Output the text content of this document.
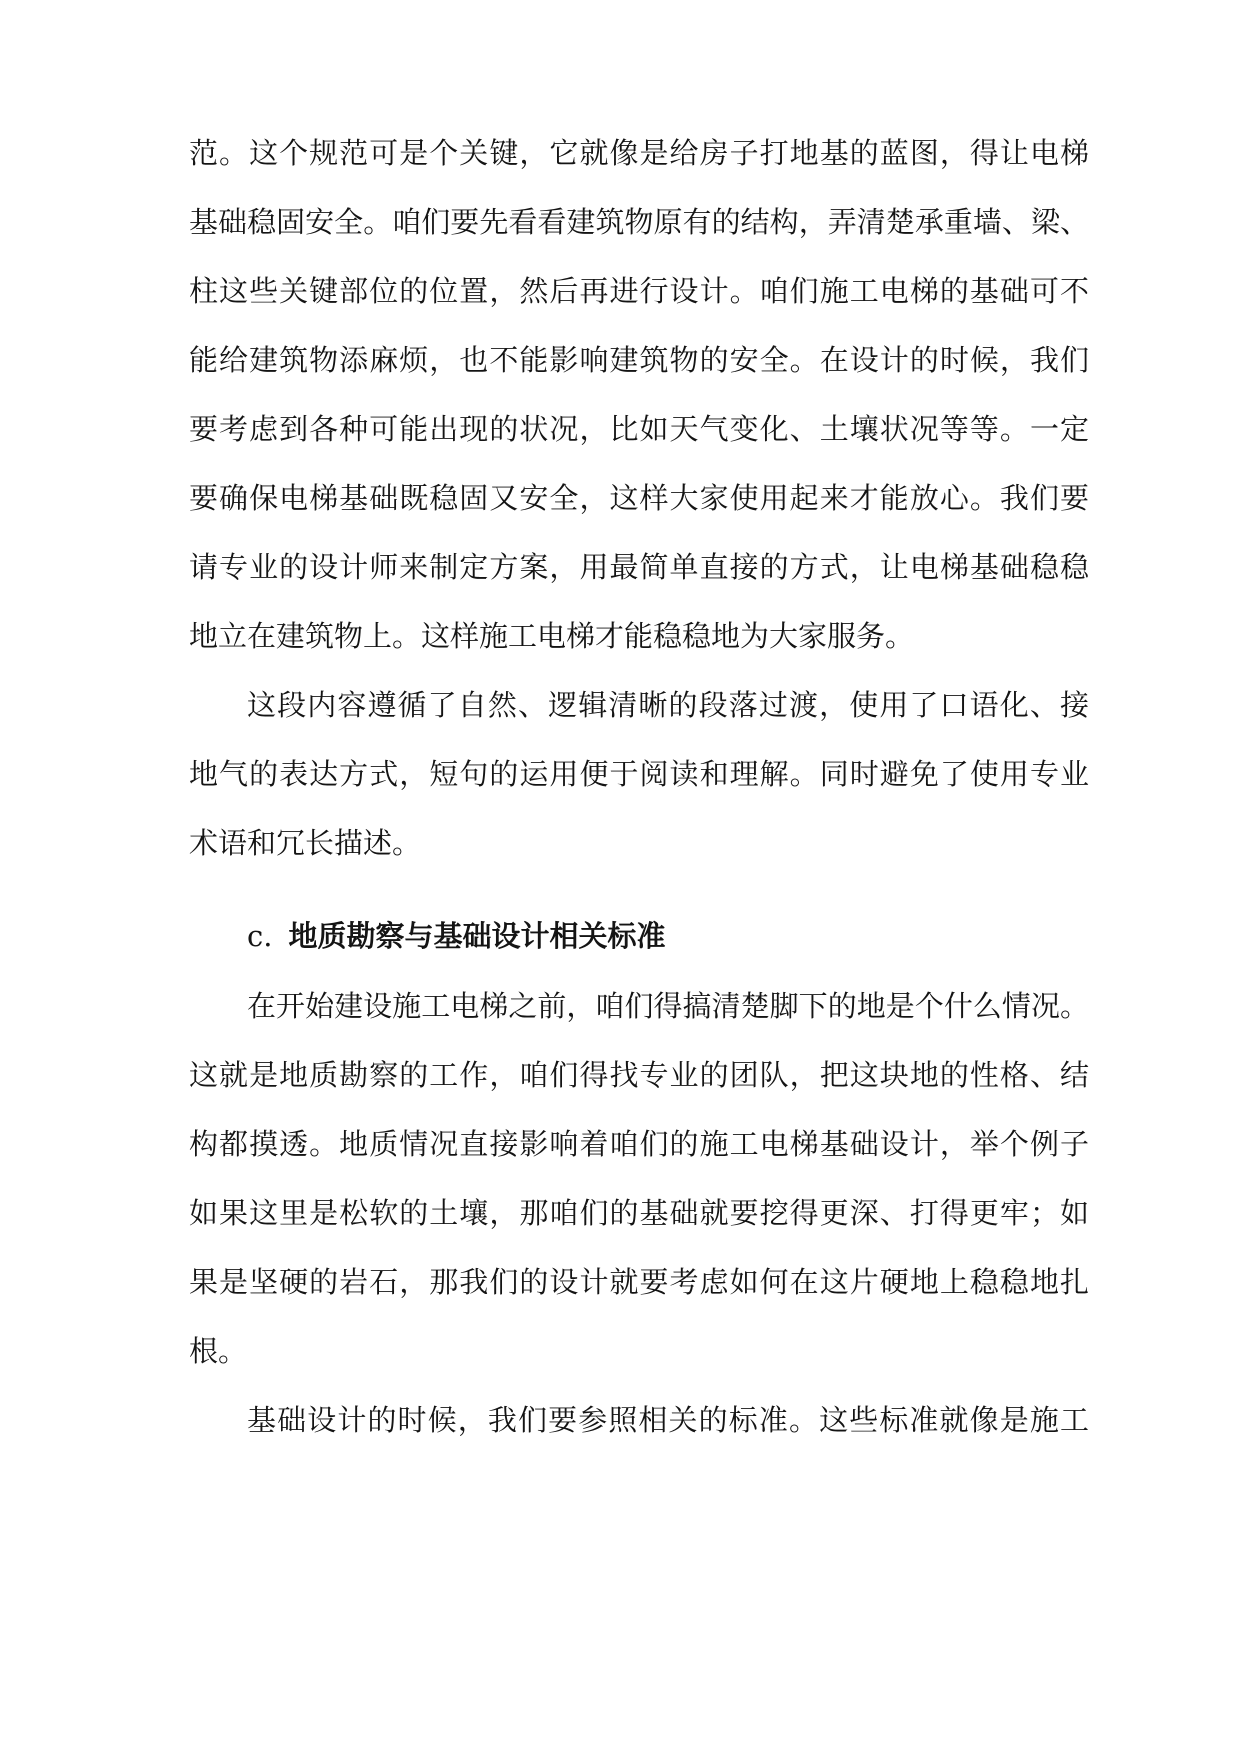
范。这个规范可是个关键，它就像是给房子打地基的蓝图，得让电梯
基础稳固安全。咱们要先看看建筑物原有的结构，弄清楚承重墙、梁、
柱这些关键部位的位置，然后再进行设计。咱们施工电梯的基础可不
能给建筑物添麻烦，也不能影响建筑物的安全。在设计的时候，我们
要考虑到各种可能出现的状况，比如天气变化、土壤状况等等。一定
要确保电梯基础既稳固又安全，这样大家使用起来才能放心。我们要
请专业的设计师来制定方案，用最简单直接的方式，让电梯基础稳稳
地立在建筑物上。这样施工电梯才能稳稳地为大家服务。
这段内容遵循了自然、逻辑清晰的段落过渡，使用了口语化、接
地气的表达方式，短句的运用便于阅读和理解。同时避免了使用专业
术语和冗长描述。
c. 地质勘察与基础设计相关标准
在开始建设施工电梯之前，咱们得搞清楚脚下的地是个什么情况。
这就是地质勘察的工作，咱们得找专业的团队，把这块地的性格、结
构都摸透。地质情况直接影响着咱们的施工电梯基础设计，举个例子
如果这里是松软的土壤，那咱们的基础就要挖得更深、打得更牢；如
果是坚硬的岩石，那我们的设计就要考虑如何在这片硬地上稳稳地扎
根。
基础设计的时候，我们要参照相关的标准。这些标准就像是施工
